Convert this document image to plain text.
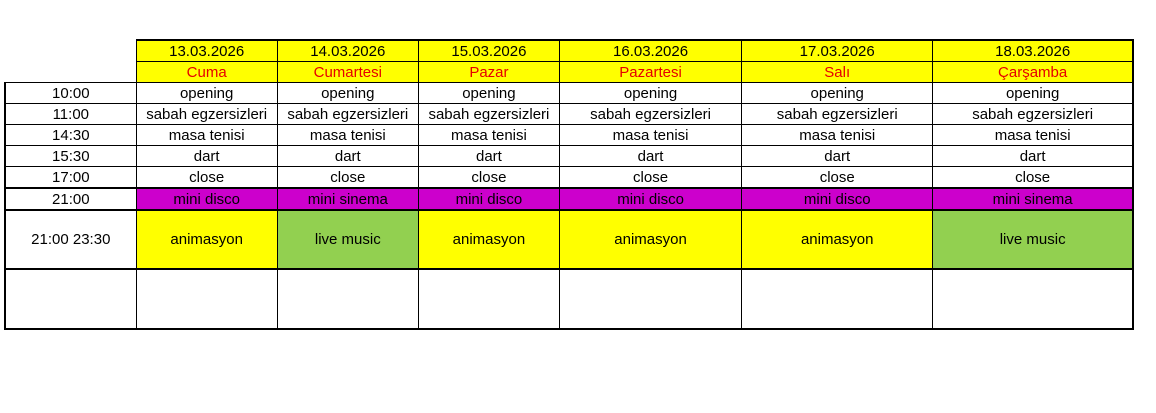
	13.03.2026	14.03.2026	15.03.2026	16.03.2026	17.03.2026	18.03.2026
	Cuma	Cumartesi	Pazar	Pazartesi	Salı	Çarşamba
10:00	opening	opening	opening	opening	opening	opening
11:00	sabah egzersizleri	sabah egzersizleri	sabah egzersizleri	sabah egzersizleri	sabah egzersizleri	sabah egzersizleri
14:30	masa tenisi	masa tenisi	masa tenisi	masa tenisi	masa tenisi	masa tenisi
15:30	dart	dart	dart	dart	dart	dart
17:00	close	close	close	close	close	close
21:00	mini disco	mini sinema	mini disco	mini disco	mini disco	mini sinema
21:00 23:30	animasyon	live music	animasyon	animasyon	animasyon	live music
